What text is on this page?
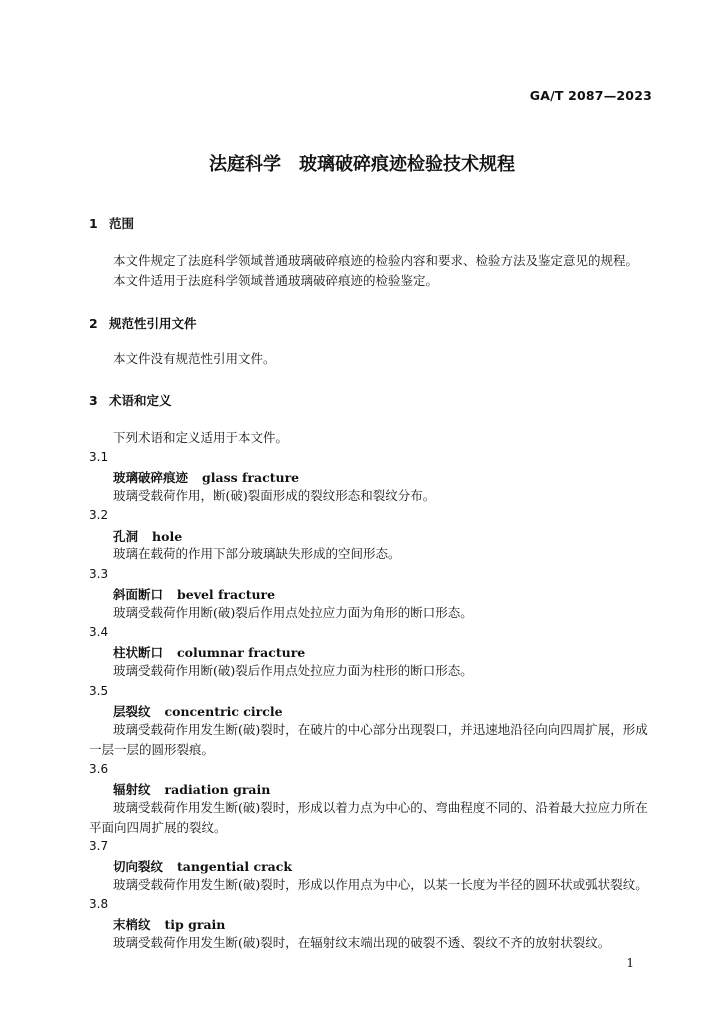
GA/T 2087—2023
法庭科学　玻璃破碎痕迹检验技术规程
1 范围
本文件规定了法庭科学领域普通玻璃破碎痕迹的检验内容和要求、检验方法及鉴定意见的规程。
本文件适用于法庭科学领域普通玻璃破碎痕迹的检验鉴定。
2 规范性引用文件
本文件没有规范性引用文件。
3 术语和定义
下列术语和定义适用于本文件。
3.1
玻璃破碎痕迹 glass fracture
玻璃受载荷作用，断(破)裂面形成的裂纹形态和裂纹分布。
3.2
孔洞 hole
玻璃在载荷的作用下部分玻璃缺失形成的空间形态。
3.3
斜面断口 bevel fracture
玻璃受载荷作用断(破)裂后作用点处拉应力面为角形的断口形态。
3.4
柱状断口 columnar fracture
玻璃受载荷作用断(破)裂后作用点处拉应力面为柱形的断口形态。
3.5
层裂纹 concentric circle
玻璃受载荷作用发生断(破)裂时，在破片的中心部分出现裂口，并迅速地沿径向向四周扩展，形成一层一层的圆形裂痕。
3.6
辐射纹 radiation grain
玻璃受载荷作用发生断(破)裂时，形成以着力点为中心的、弯曲程度不同的、沿着最大拉应力所在平面向四周扩展的裂纹。
3.7
切向裂纹 tangential crack
玻璃受载荷作用发生断(破)裂时，形成以作用点为中心，以某一长度为半径的圆环状或弧状裂纹。
3.8
末梢纹 tip grain
玻璃受载荷作用发生断(破)裂时，在辐射纹末端出现的破裂不透、裂纹不齐的放射状裂纹。
1
